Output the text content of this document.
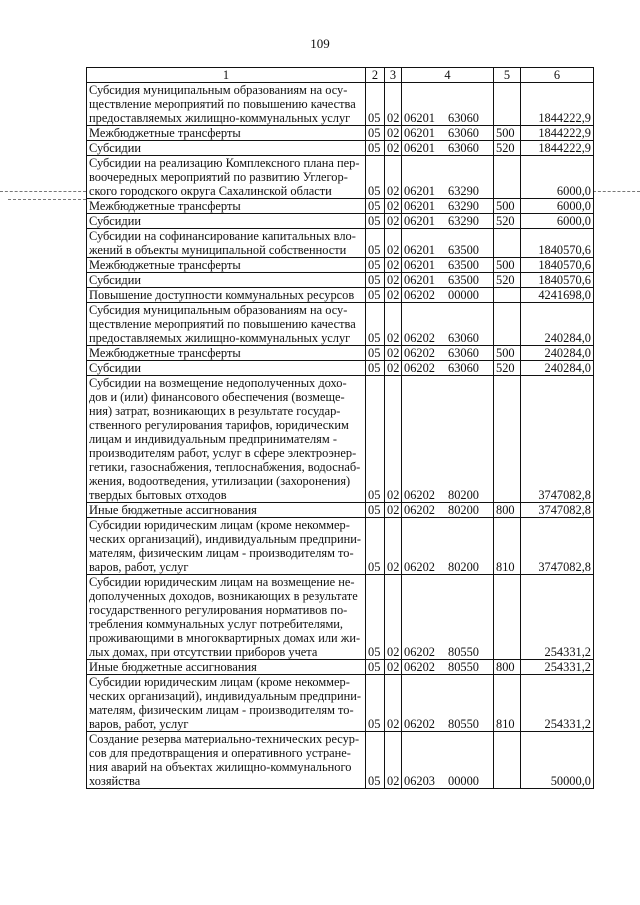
109
1	2	3	4	5	6
Субсидия муниципальным образованиям на осу-ществление мероприятий по повышению качества предоставляемых жилищно-коммунальных услуг	05	02	06201 63060		1844222,9
Межбюджетные трансферты	05	02	06201 63060	500	1844222,9
Субсидии	05	02	06201 63060	520	1844222,9
Субсидии на реализацию Комплексного плана пер-воочередных мероприятий по развитию Углегор-ского городского округа Сахалинской области	05	02	06201 63290		6000,0
Межбюджетные трансферты	05	02	06201 63290	500	6000,0
Субсидии	05	02	06201 63290	520	6000,0
Субсидии на софинансирование капитальных вло-жений в объекты муниципальной собственности	05	02	06201 63500		1840570,6
Межбюджетные трансферты	05	02	06201 63500	500	1840570,6
Субсидии	05	02	06201 63500	520	1840570,6
Повышение доступности коммунальных ресурсов	05	02	06202 00000		4241698,0
Субсидия муниципальным образованиям на осу-ществление мероприятий по повышению качества предоставляемых жилищно-коммунальных услуг	05	02	06202 63060		240284,0
Межбюджетные трансферты	05	02	06202 63060	500	240284,0
Субсидии	05	02	06202 63060	520	240284,0
Субсидии на возмещение недополученных дохо-дов и (или) финансового обеспечения (возмеще-ния) затрат, возникающих в результате государ-ственного регулирования тарифов, юридическим лицам и индивидуальным предпринимателям - производителям работ, услуг в сфере электроэнер-гетики, газоснабжения, теплоснабжения, водоснаб-жения, водоотведения, утилизации (захоронения) твердых бытовых отходов	05	02	06202 80200		3747082,8
Иные бюджетные ассигнования	05	02	06202 80200	800	3747082,8
Субсидии юридическим лицам (кроме некоммер-ческих организаций), индивидуальным предприни-мателям, физическим лицам - производителям то-варов, работ, услуг	05	02	06202 80200	810	3747082,8
Субсидии юридическим лицам на возмещение не-дополученных доходов, возникающих в результате государственного регулирования нормативов по-требления коммунальных услуг потребителями, проживающими в многоквартирных домах или жи-лых домах, при отсутствии приборов учета	05	02	06202 80550		254331,2
Иные бюджетные ассигнования	05	02	06202 80550	800	254331,2
Субсидии юридическим лицам (кроме некоммер-ческих организаций), индивидуальным предприни-мателям, физическим лицам - производителям то-варов, работ, услуг	05	02	06202 80550	810	254331,2
Создание резерва материально-технических ресур-сов для предотвращения и оперативного устране-ния аварий на объектах жилищно-коммунального хозяйства	05	02	06203 00000		50000,0
